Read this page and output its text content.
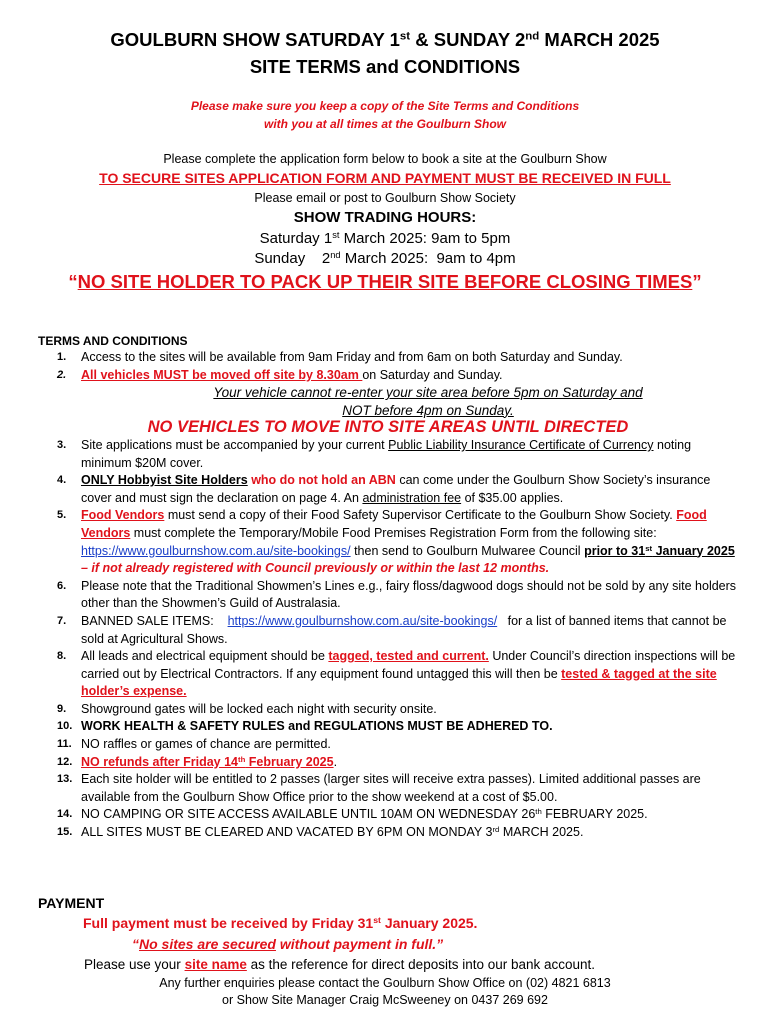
GOULBURN SHOW SATURDAY 1st & SUNDAY 2nd MARCH 2025
SITE TERMS and CONDITIONS
Please make sure you keep a copy of the Site Terms and Conditions
with you at all times at the Goulburn Show
Please complete the application form below to book a site at the Goulburn Show
TO SECURE SITES APPLICATION FORM AND PAYMENT MUST BE RECEIVED IN FULL
Please email or post to Goulburn Show Society
SHOW TRADING HOURS:
Saturday 1st March 2025: 9am to 5pm
Sunday    2nd March 2025:  9am to 4pm
“NO SITE HOLDER TO PACK UP THEIR SITE BEFORE CLOSING TIMES”
TERMS AND CONDITIONS
1. Access to the sites will be available from 9am Friday and from 6am on both Saturday and Sunday.
2. All vehicles MUST be moved off site by 8.30am on Saturday and Sunday.
Your vehicle cannot re-enter your site area before 5pm on Saturday and
NOT before 4pm on Sunday.
NO VEHICLES TO MOVE INTO SITE AREAS UNTIL DIRECTED
3. Site applications must be accompanied by your current Public Liability Insurance Certificate of Currency noting minimum $20M cover.
4. ONLY Hobbyist Site Holders who do not hold an ABN can come under the Goulburn Show Society’s insurance cover and must sign the declaration on page 4. An administration fee of $35.00 applies.
5. Food Vendors must send a copy of their Food Safety Supervisor Certificate to the Goulburn Show Society. Food Vendors must complete the Temporary/Mobile Food Premises Registration Form from the following site: https://www.goulburnshow.com.au/site-bookings/ then send to Goulburn Mulwaree Council prior to 31st January 2025 – if not already registered with Council previously or within the last 12 months.
6. Please note that the Traditional Showmen’s Lines e.g., fairy floss/dagwood dogs should not be sold by any site holders other than the Showmen’s Guild of Australasia.
7. BANNED SALE ITEMS:    https://www.goulburnshow.com.au/site-bookings/   for a list of banned items that cannot be sold at Agricultural Shows.
8. All leads and electrical equipment should be tagged, tested and current. Under Council’s direction inspections will be carried out by Electrical Contractors. If any equipment found untagged this will then be tested & tagged at the site holder’s expense.
9. Showground gates will be locked each night with security onsite.
10. WORK HEALTH & SAFETY RULES and REGULATIONS MUST BE ADHERED TO.
11. NO raffles or games of chance are permitted.
12. NO refunds after Friday 14th February 2025.
13. Each site holder will be entitled to 2 passes (larger sites will receive extra passes). Limited additional passes are available from the Goulburn Show Office prior to the show weekend at a cost of $5.00.
14. NO CAMPING OR SITE ACCESS AVAILABLE UNTIL 10AM ON WEDNESDAY 26th FEBRUARY 2025.
15. ALL SITES MUST BE CLEARED AND VACATED BY 6PM ON MONDAY 3rd MARCH 2025.
PAYMENT
Full payment must be received by Friday 31st January 2025.
“No sites are secured without payment in full.”
Please use your site name as the reference for direct deposits into our bank account.
Any further enquiries please contact the Goulburn Show Office on (02) 4821 6813
or Show Site Manager Craig McSweeney on 0437 269 692
